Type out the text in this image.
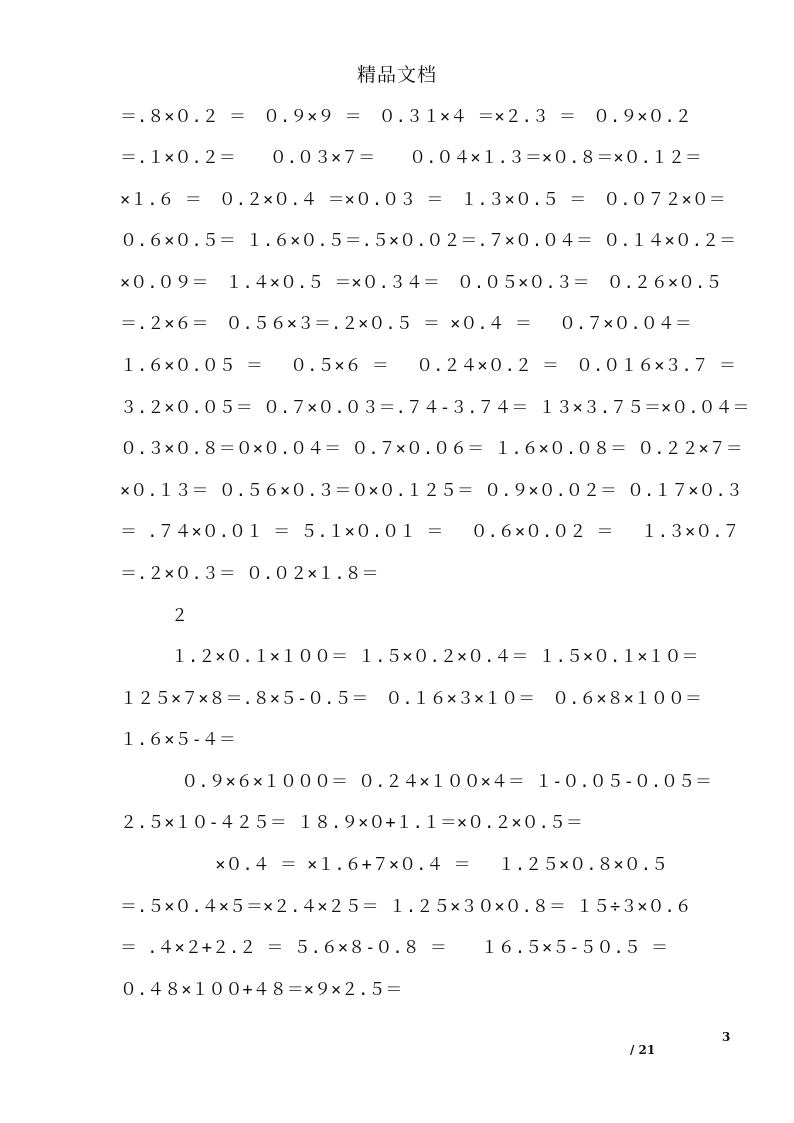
精品文档
＝.８×０.２ ＝　０.９×９ ＝　０.３１×４ ＝×２.３ ＝　０.９×０.２
＝.１×０.２＝　　０.０３×７＝　　０.０４×１.３＝×０.８＝×０.１２＝
×１.６ ＝　０.２×０.４ ＝×０.０３ ＝　１.３×０.５ ＝　０.０７２×０＝
０.６×０.５＝ １.６×０.５＝.５×０.０２＝.７×０.０４＝ ０.１４×０.２＝
×０.０９＝　１.４×０.５ ＝×０.３４＝　０.０５×０.３＝　０.２６×０.５
＝.２×６＝　０.５６×３＝.２×０.５ ＝ ×０.４ ＝　 ０.７×０.０４＝
１.６×０.０５ ＝　 ０.５×６ ＝　 ０.２４×０.２ ＝　０.０１６×３.７ ＝
３.２×０.０５＝ ０.７×０.０３＝.７４-３.７４＝ １３×３.７５＝×０.０４＝
０.３×０.８＝０×０.０４＝ ０.７×０.０６＝ １.６×０.０８＝ ０.２２×７＝
×０.１３＝ ０.５６×０.３＝０×０.１２５＝ ０.９×０.０２＝ ０.１７×０.３
＝ .７４×０.０１ ＝ ５.１×０.０１ ＝　 ０.６×０.０２ ＝　 １.３×０.７
＝.２×０.３＝ ０.０２×１.８＝
　　　２
　　　１.２×０.１×１００＝ １.５×０.２×０.４＝ １.５×０.１×１０＝
１２５×７×８＝.８×５-０.５＝　０.１６×３×１０＝　０.６×８×１００＝
１.６×５-４＝
　　　 ０.９×６×１０００＝ ０.２４×１００×４＝ １-０.０５-０.０５＝
２.５×１０-４２５＝ １８.９×０+１.１＝×０.２×０.５＝
　　　　　 ×０.４ ＝ ×１.６+７×０.４ ＝　 １.２５×０.８×０.５
＝.５×０.４×５＝×２.４×２５＝ １.２５×３０×０.８＝ １５÷３×０.６
＝ .４×２+２.２ ＝ ５.６×８-０.８ ＝　　１６.５×５-５０.５ ＝
０.４８×１００+４８＝×９×２.５＝
3
/ 21
